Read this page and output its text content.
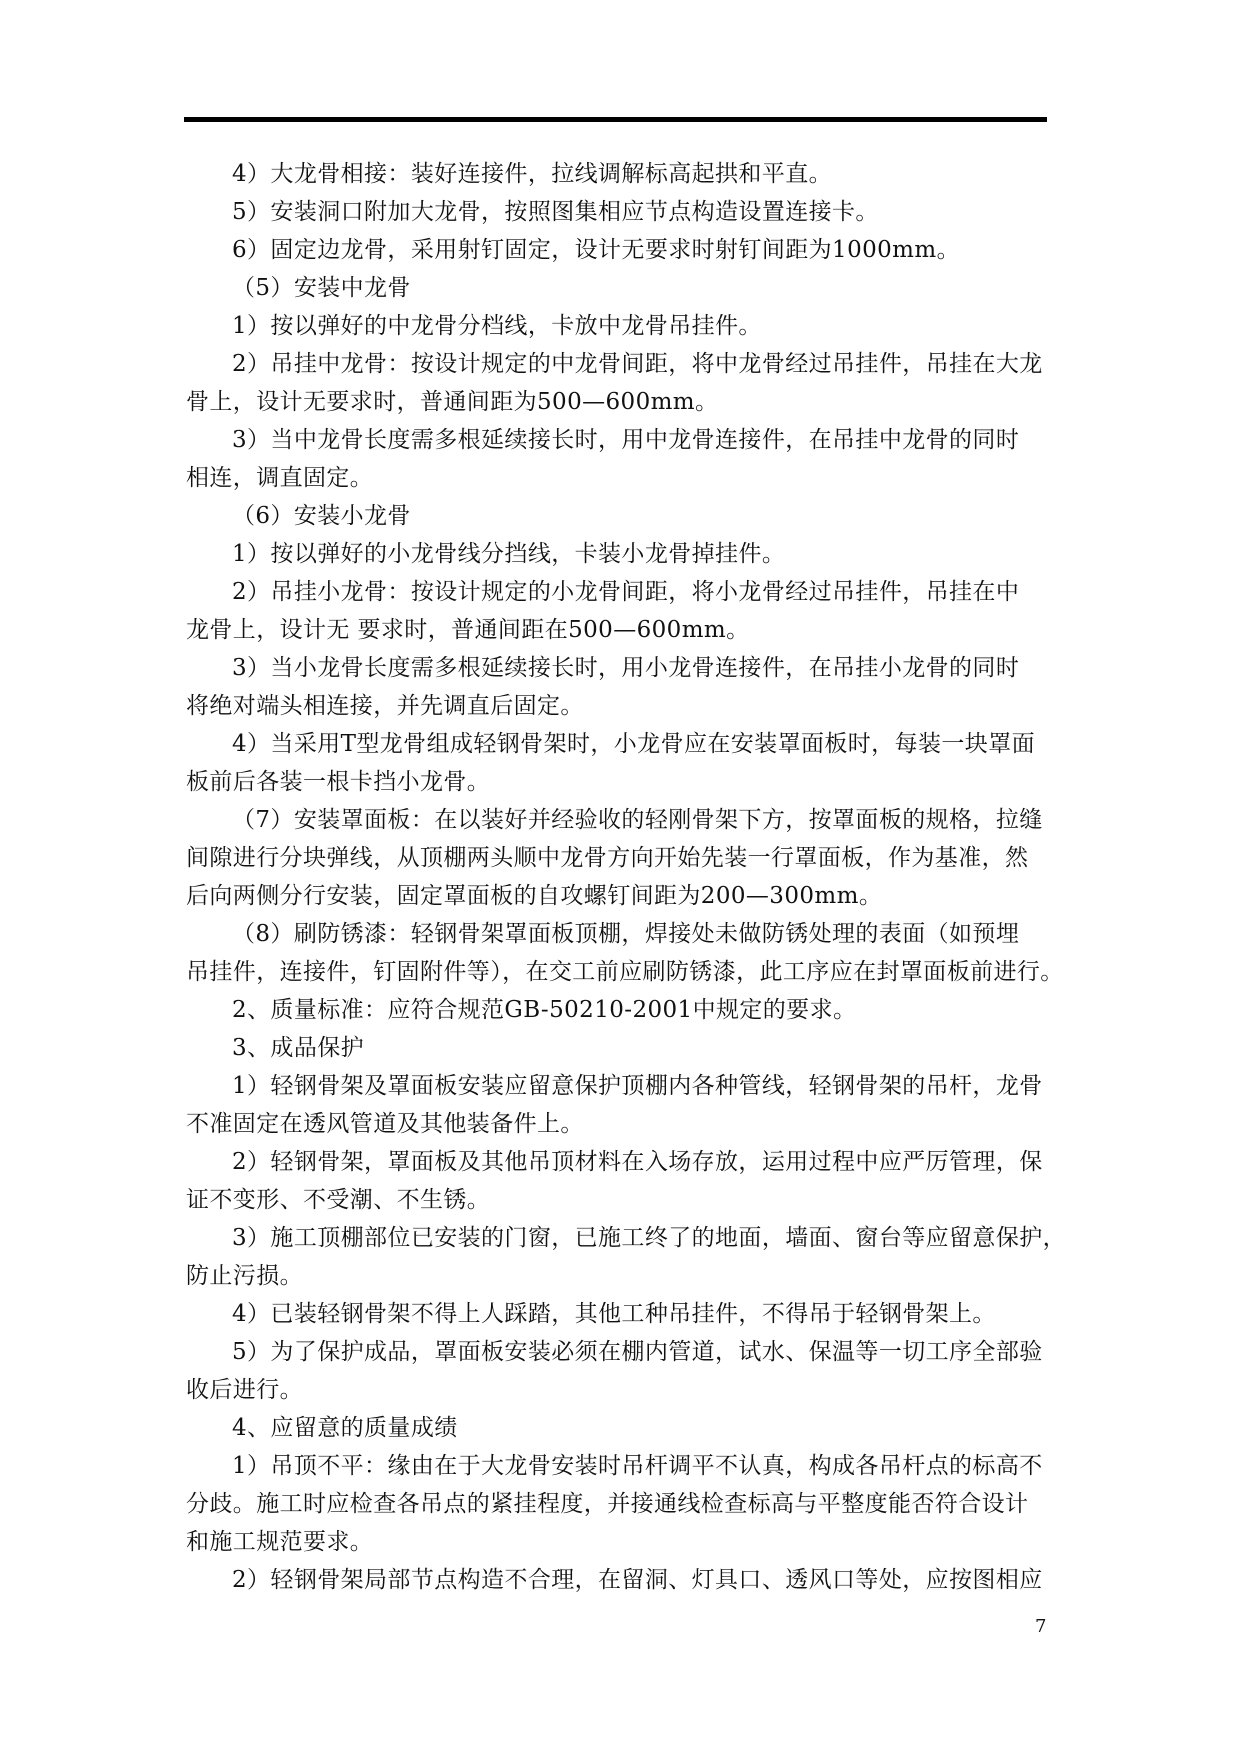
4）大龙骨相接：装好连接件，拉线调解标高起拱和平直。
5）安装洞口附加大龙骨，按照图集相应节点构造设置连接卡。
6）固定边龙骨，采用射钉固定，设计无要求时射钉间距为1000mm。
（5）安装中龙骨
1）按以弹好的中龙骨分档线，卡放中龙骨吊挂件。
2）吊挂中龙骨：按设计规定的中龙骨间距，将中龙骨经过吊挂件，吊挂在大龙
骨上，设计无要求时，普通间距为500—600mm。
3）当中龙骨长度需多根延续接长时，用中龙骨连接件，在吊挂中龙骨的同时
相连，调直固定。
（6）安装小龙骨
1）按以弹好的小龙骨线分挡线，卡装小龙骨掉挂件。
2）吊挂小龙骨：按设计规定的小龙骨间距，将小龙骨经过吊挂件，吊挂在中
龙骨上，设计无 要求时，普通间距在500—600mm。
3）当小龙骨长度需多根延续接长时，用小龙骨连接件，在吊挂小龙骨的同时
将绝对端头相连接，并先调直后固定。
4）当采用T型龙骨组成轻钢骨架时，小龙骨应在安装罩面板时，每装一块罩面
板前后各装一根卡挡小龙骨。
（7）安装罩面板：在以装好并经验收的轻刚骨架下方，按罩面板的规格，拉缝
间隙进行分块弹线，从顶棚两头顺中龙骨方向开始先装一行罩面板，作为基准，然
后向两侧分行安装，固定罩面板的自攻螺钉间距为200—300mm。
（8）刷防锈漆：轻钢骨架罩面板顶棚，焊接处未做防锈处理的表面（如预埋
吊挂件，连接件，钉固附件等），在交工前应刷防锈漆，此工序应在封罩面板前进行。
2、质量标准：应符合规范GB-50210-2001中规定的要求。
3、成品保护
1）轻钢骨架及罩面板安装应留意保护顶棚内各种管线，轻钢骨架的吊杆，龙骨
不准固定在透风管道及其他装备件上。
2）轻钢骨架，罩面板及其他吊顶材料在入场存放，运用过程中应严厉管理，保
证不变形、不受潮、不生锈。
3）施工顶棚部位已安装的门窗，已施工终了的地面，墙面、窗台等应留意保护，
防止污损。
4）已装轻钢骨架不得上人踩踏，其他工种吊挂件，不得吊于轻钢骨架上。
5）为了保护成品，罩面板安装必须在棚内管道，试水、保温等一切工序全部验
收后进行。
4、应留意的质量成绩
1）吊顶不平：缘由在于大龙骨安装时吊杆调平不认真，构成各吊杆点的标高不
分歧。施工时应检查各吊点的紧挂程度，并接通线检查标高与平整度能否符合设计
和施工规范要求。
2）轻钢骨架局部节点构造不合理，在留洞、灯具口、透风口等处，应按图相应
7
